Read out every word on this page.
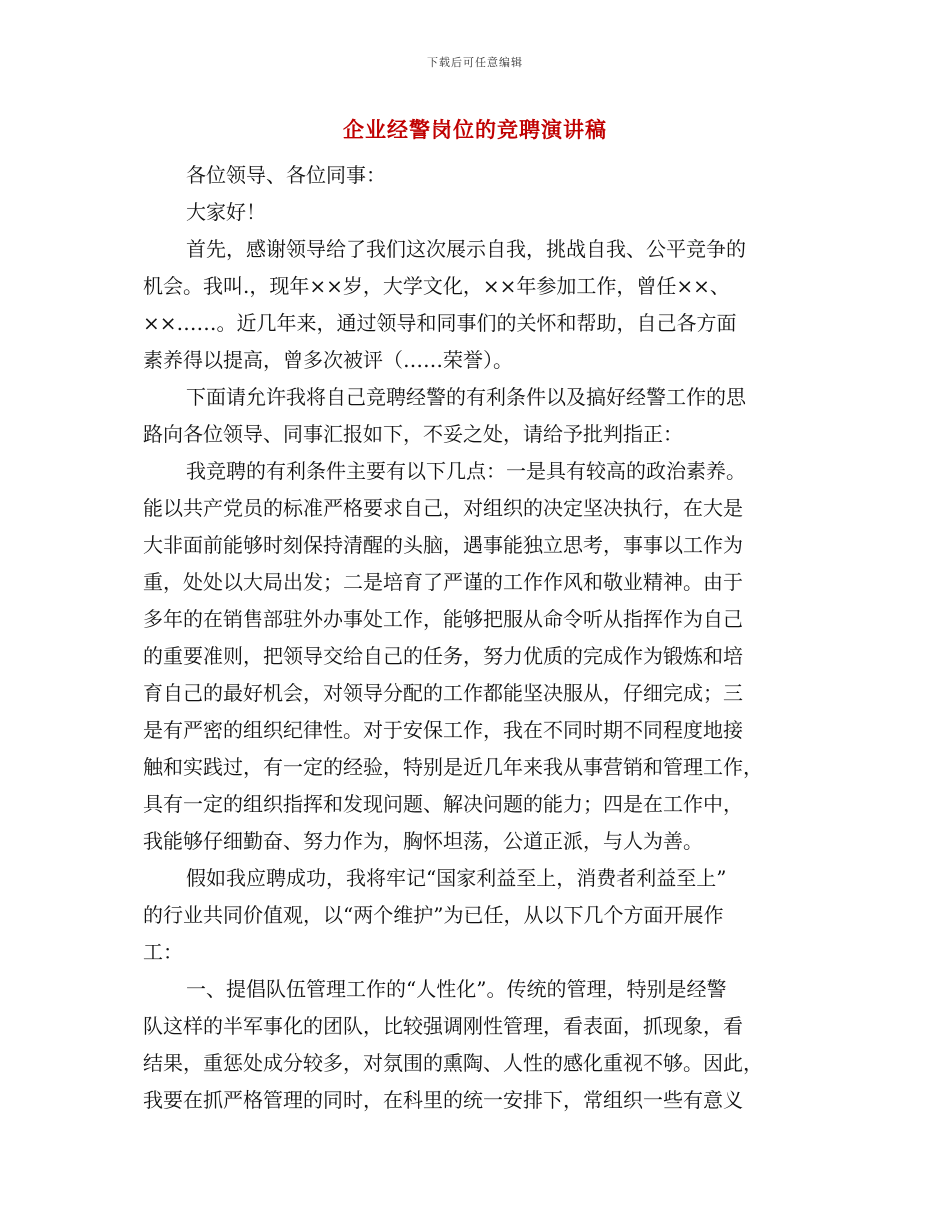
下载后可任意编辑
企业经警岗位的竞聘演讲稿
各位领导、各位同事：
大家好！
首先，感谢领导给了我们这次展示自我，挑战自我、公平竞争的
机会。我叫.，现年××岁，大学文化，××年参加工作，曾任××、
××……。近几年来，通过领导和同事们的关怀和帮助，自己各方面
素养得以提高，曾多次被评（……荣誉）。
下面请允许我将自己竞聘经警的有利条件以及搞好经警工作的思
路向各位领导、同事汇报如下，不妥之处，请给予批判指正：
我竞聘的有利条件主要有以下几点：一是具有较高的政治素养。
能以共产党员的标准严格要求自己，对组织的决定坚决执行，在大是
大非面前能够时刻保持清醒的头脑，遇事能独立思考，事事以工作为
重，处处以大局出发；二是培育了严谨的工作作风和敬业精神。由于
多年的在销售部驻外办事处工作，能够把服从命令听从指挥作为自己
的重要准则，把领导交给自己的任务，努力优质的完成作为锻炼和培
育自己的最好机会，对领导分配的工作都能坚决服从，仔细完成；三
是有严密的组织纪律性。对于安保工作，我在不同时期不同程度地接
触和实践过，有一定的经验，特别是近几年来我从事营销和管理工作，
具有一定的组织指挥和发现问题、解决问题的能力；四是在工作中，
我能够仔细勤奋、努力作为，胸怀坦荡，公道正派，与人为善。
假如我应聘成功，我将牢记“国家利益至上，消费者利益至上”
的行业共同价值观，以“两个维护”为已任，从以下几个方面开展作
工：
一、提倡队伍管理工作的“人性化”。传统的管理，特别是经警
队这样的半军事化的团队，比较强调刚性管理，看表面，抓现象，看
结果，重惩处成分较多，对氛围的熏陶、人性的感化重视不够。因此，
我要在抓严格管理的同时，在科里的统一安排下，常组织一些有意义
